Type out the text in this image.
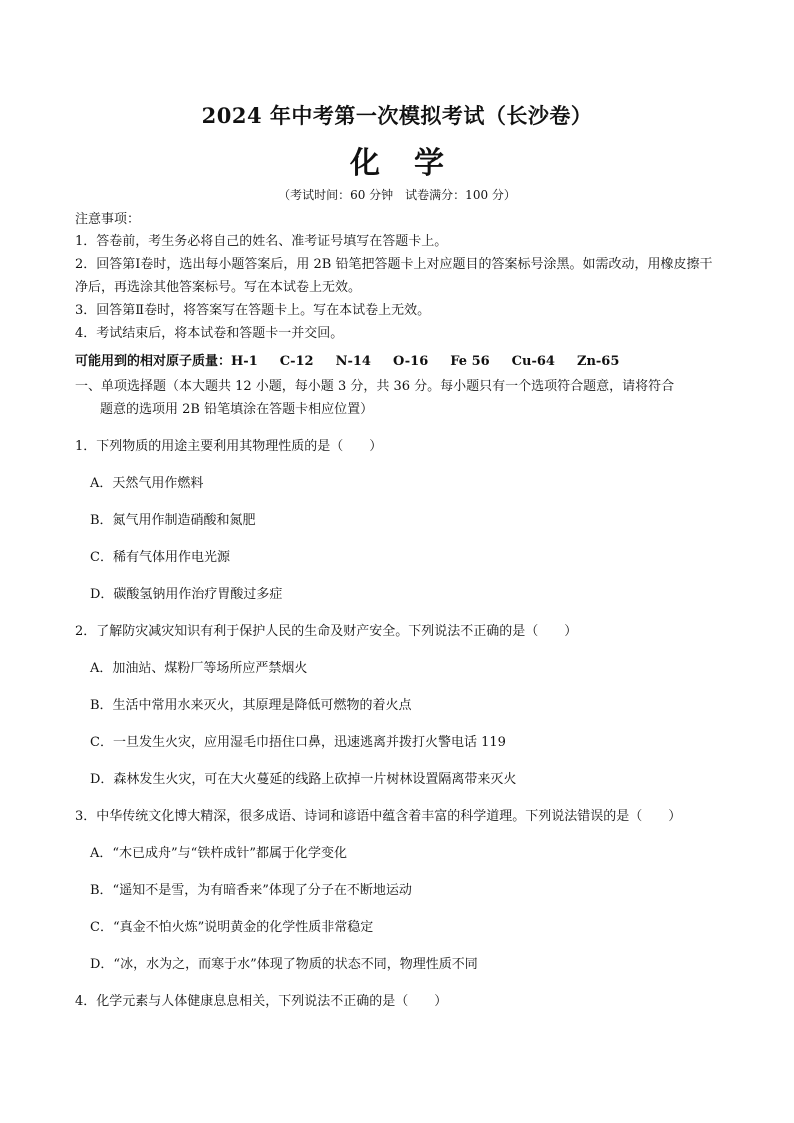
2024 年中考第一次模拟考试（长沙卷）
化学
（考试时间：60 分钟　试卷满分：100 分）
注意事项：

1．答卷前，考生务必将自己的姓名、准考证号填写在答题卡上。

2．回答第Ⅰ卷时，选出每小题答案后，用 2B 铅笔把答题卡上对应题目的答案标号涂黑。如需改动，用橡皮擦干净后，再选涂其他答案标号。写在本试卷上无效。

3．回答第Ⅱ卷时，将答案写在答题卡上。写在本试卷上无效。

4．考试结束后，将本试卷和答题卡一并交回。

可能用到的相对原子质量：H-1 C-12 N-14 O-16 Fe 56 Cu-64 Zn-65
一、单项选择题（本大题共 12 小题，每小题 3 分，共 36 分。每小题只有一个选项符合题意，请将符合
题意的选项用 2B 铅笔填涂在答题卡相应位置）
1．下列物质的用途主要利用其物理性质的是（　　）
A．天然气用作燃料
B．氮气用作制造硝酸和氮肥
C．稀有气体用作电光源
D．碳酸氢钠用作治疗胃酸过多症
2．了解防灾减灾知识有利于保护人民的生命及财产安全。下列说法不正确的是（　　）
A．加油站、煤粉厂等场所应严禁烟火
B．生活中常用水来灭火，其原理是降低可燃物的着火点
C．一旦发生火灾，应用湿毛巾捂住口鼻，迅速逃离并拨打火警电话 119
D．森林发生火灾，可在大火蔓延的线路上砍掉一片树林设置隔离带来灭火
3．中华传统文化博大精深，很多成语、诗词和谚语中蕴含着丰富的科学道理。下列说法错误的是（　　）
A．“木已成舟”与“铁杵成针”都属于化学变化
B．“遥知不是雪，为有暗香来”体现了分子在不断地运动
C．“真金不怕火炼”说明黄金的化学性质非常稳定
D．“冰，水为之，而寒于水”体现了物质的状态不同，物理性质不同
4．化学元素与人体健康息息相关，下列说法不正确的是（　　）
